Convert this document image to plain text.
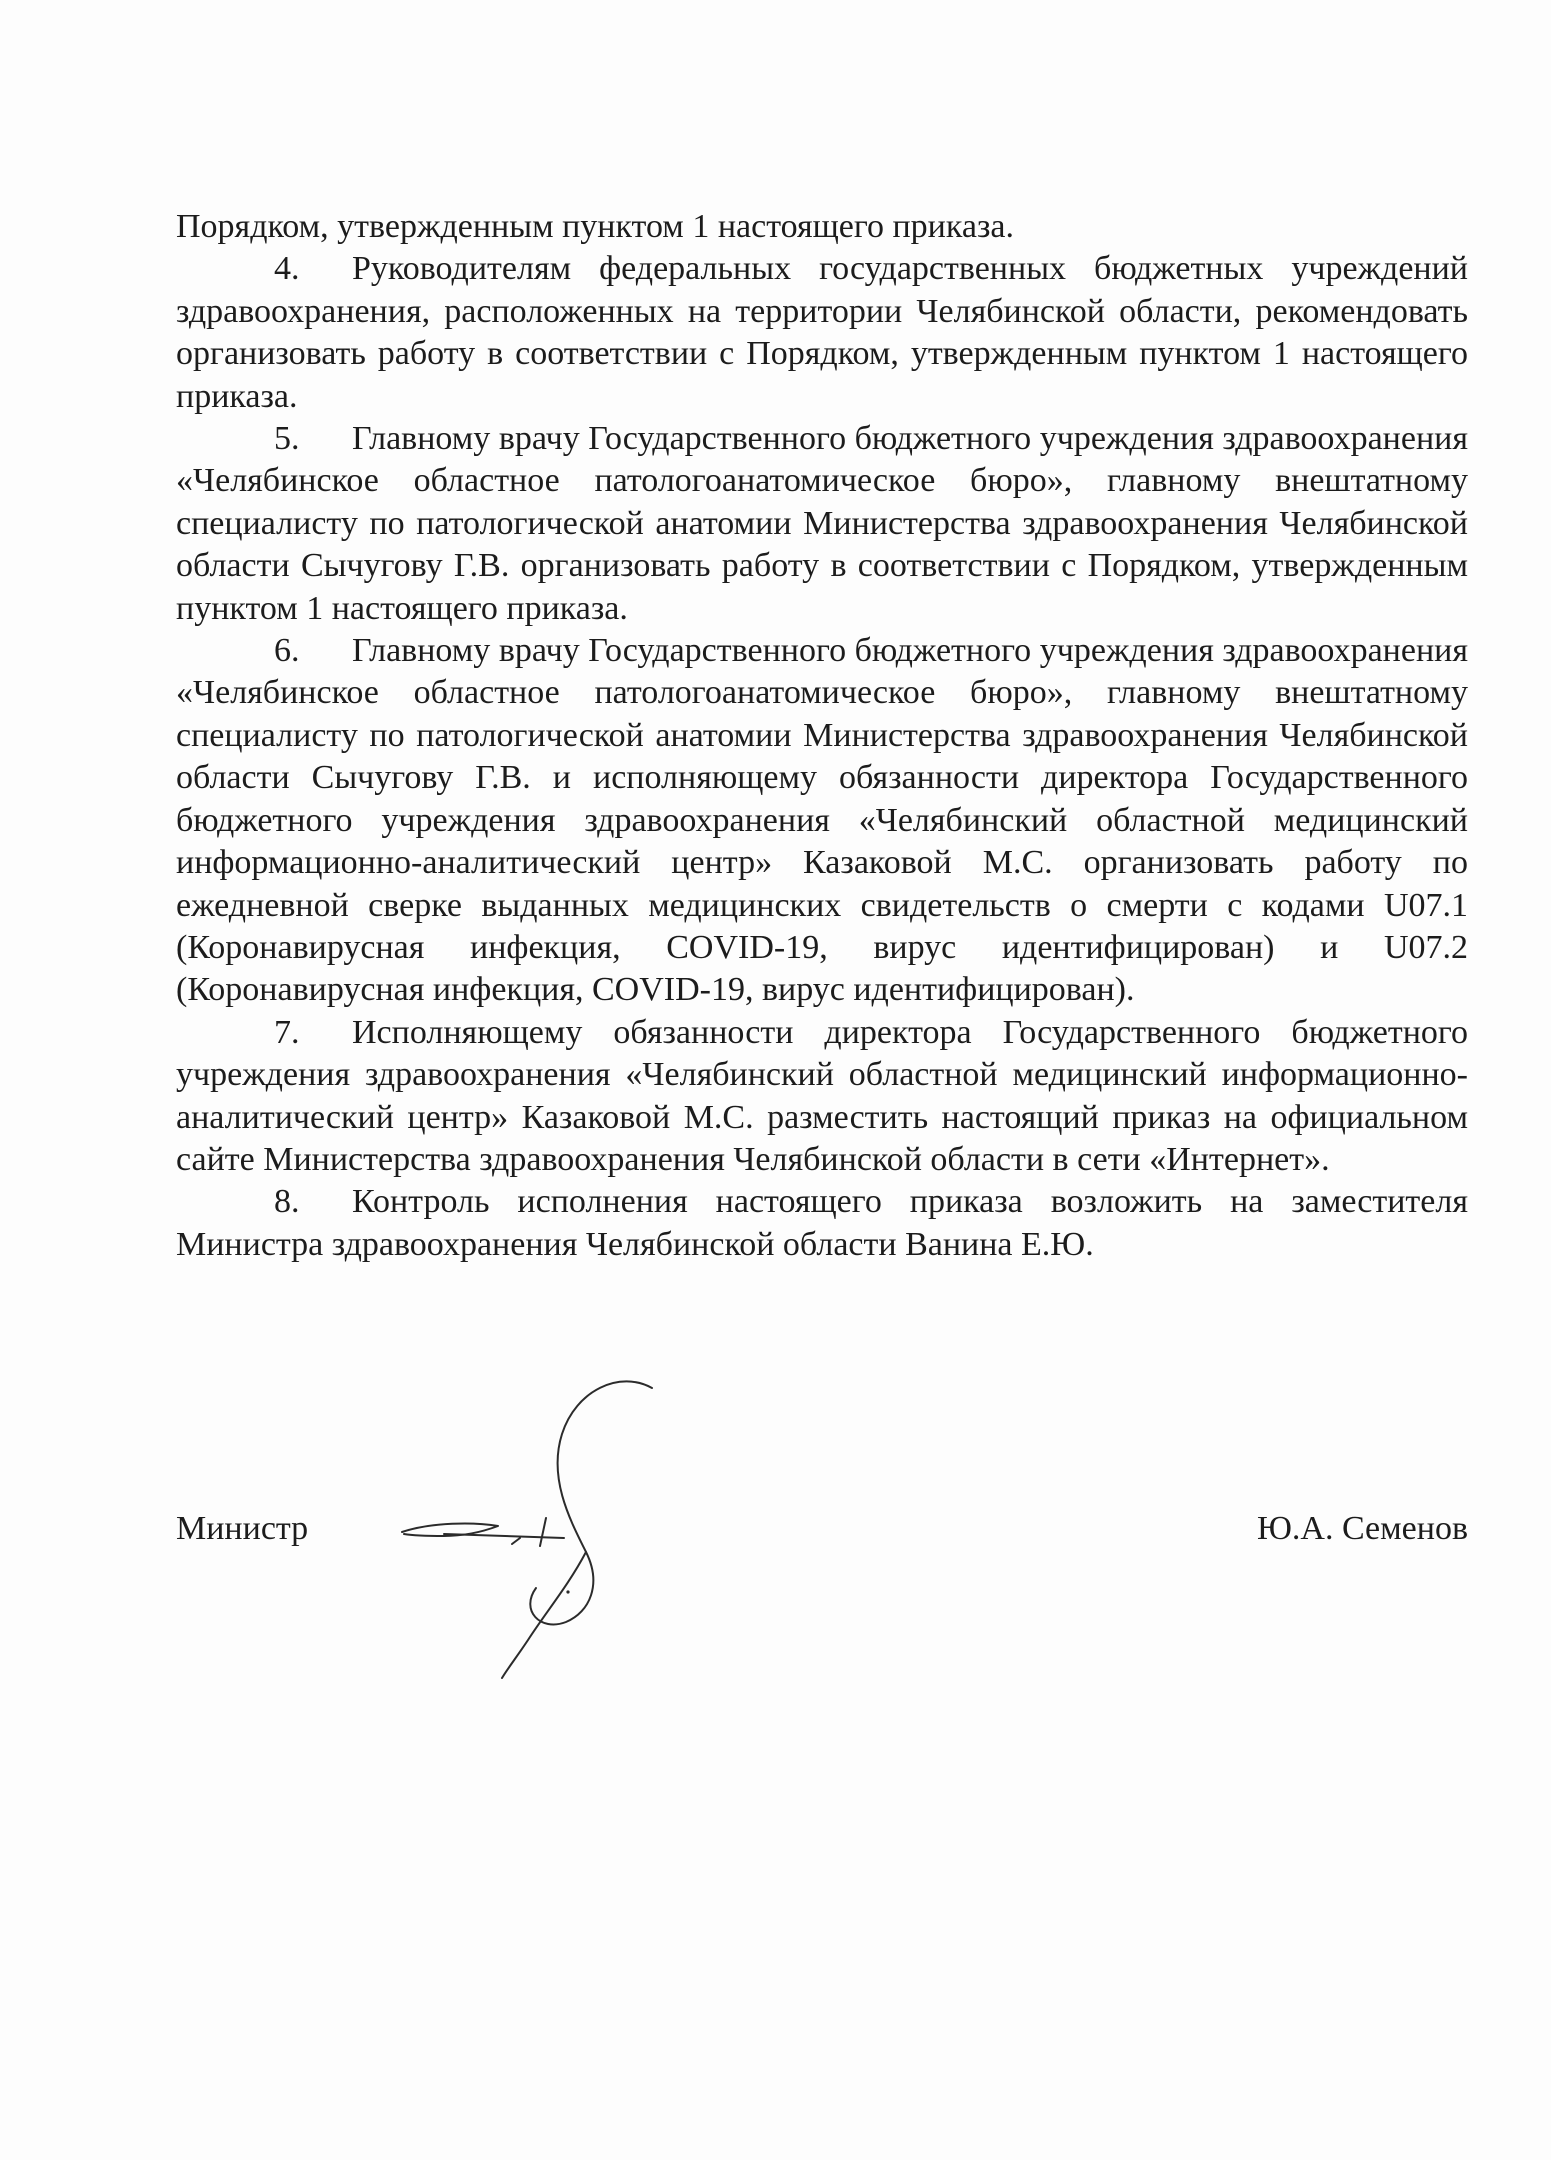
Порядком, утвержденным пунктом 1 настоящего приказа.

4. Руководителям федеральных государственных бюджетных учреждений здравоохранения, расположенных на территории Челябинской области, рекомендовать организовать работу в соответствии с Порядком, утвержденным пунктом 1 настоящего приказа.

5. Главному врачу Государственного бюджетного учреждения здравоохранения «Челябинское областное патологоанатомическое бюро», главному внештатному специалисту по патологической анатомии Министерства здравоохранения Челябинской области Сычугову Г.В. организовать работу в соответствии с Порядком, утвержденным пунктом 1 настоящего приказа.

6. Главному врачу Государственного бюджетного учреждения здравоохранения «Челябинское областное патологоанатомическое бюро», главному внештатному специалисту по патологической анатомии Министерства здравоохранения Челябинской области Сычугову Г.В. и исполняющему обязанности директора Государственного бюджетного учреждения здравоохранения «Челябинский областной медицинский информационно-аналитический центр» Казаковой М.С. организовать работу по ежедневной сверке выданных медицинских свидетельств о смерти с кодами U07.1 (Коронавирусная инфекция, COVID-19, вирус идентифицирован) и U07.2 (Коронавирусная инфекция, COVID-19, вирус идентифицирован).

7. Исполняющему обязанности директора Государственного бюджетного учреждения здравоохранения «Челябинский областной медицинский информационно-аналитический центр» Казаковой М.С. разместить настоящий приказ на официальном сайте Министерства здравоохранения Челябинской области в сети «Интернет».

8. Контроль исполнения настоящего приказа возложить на заместителя Министра здравоохранения Челябинской области Ванина Е.Ю.

Министр	Ю.А. Семенов
